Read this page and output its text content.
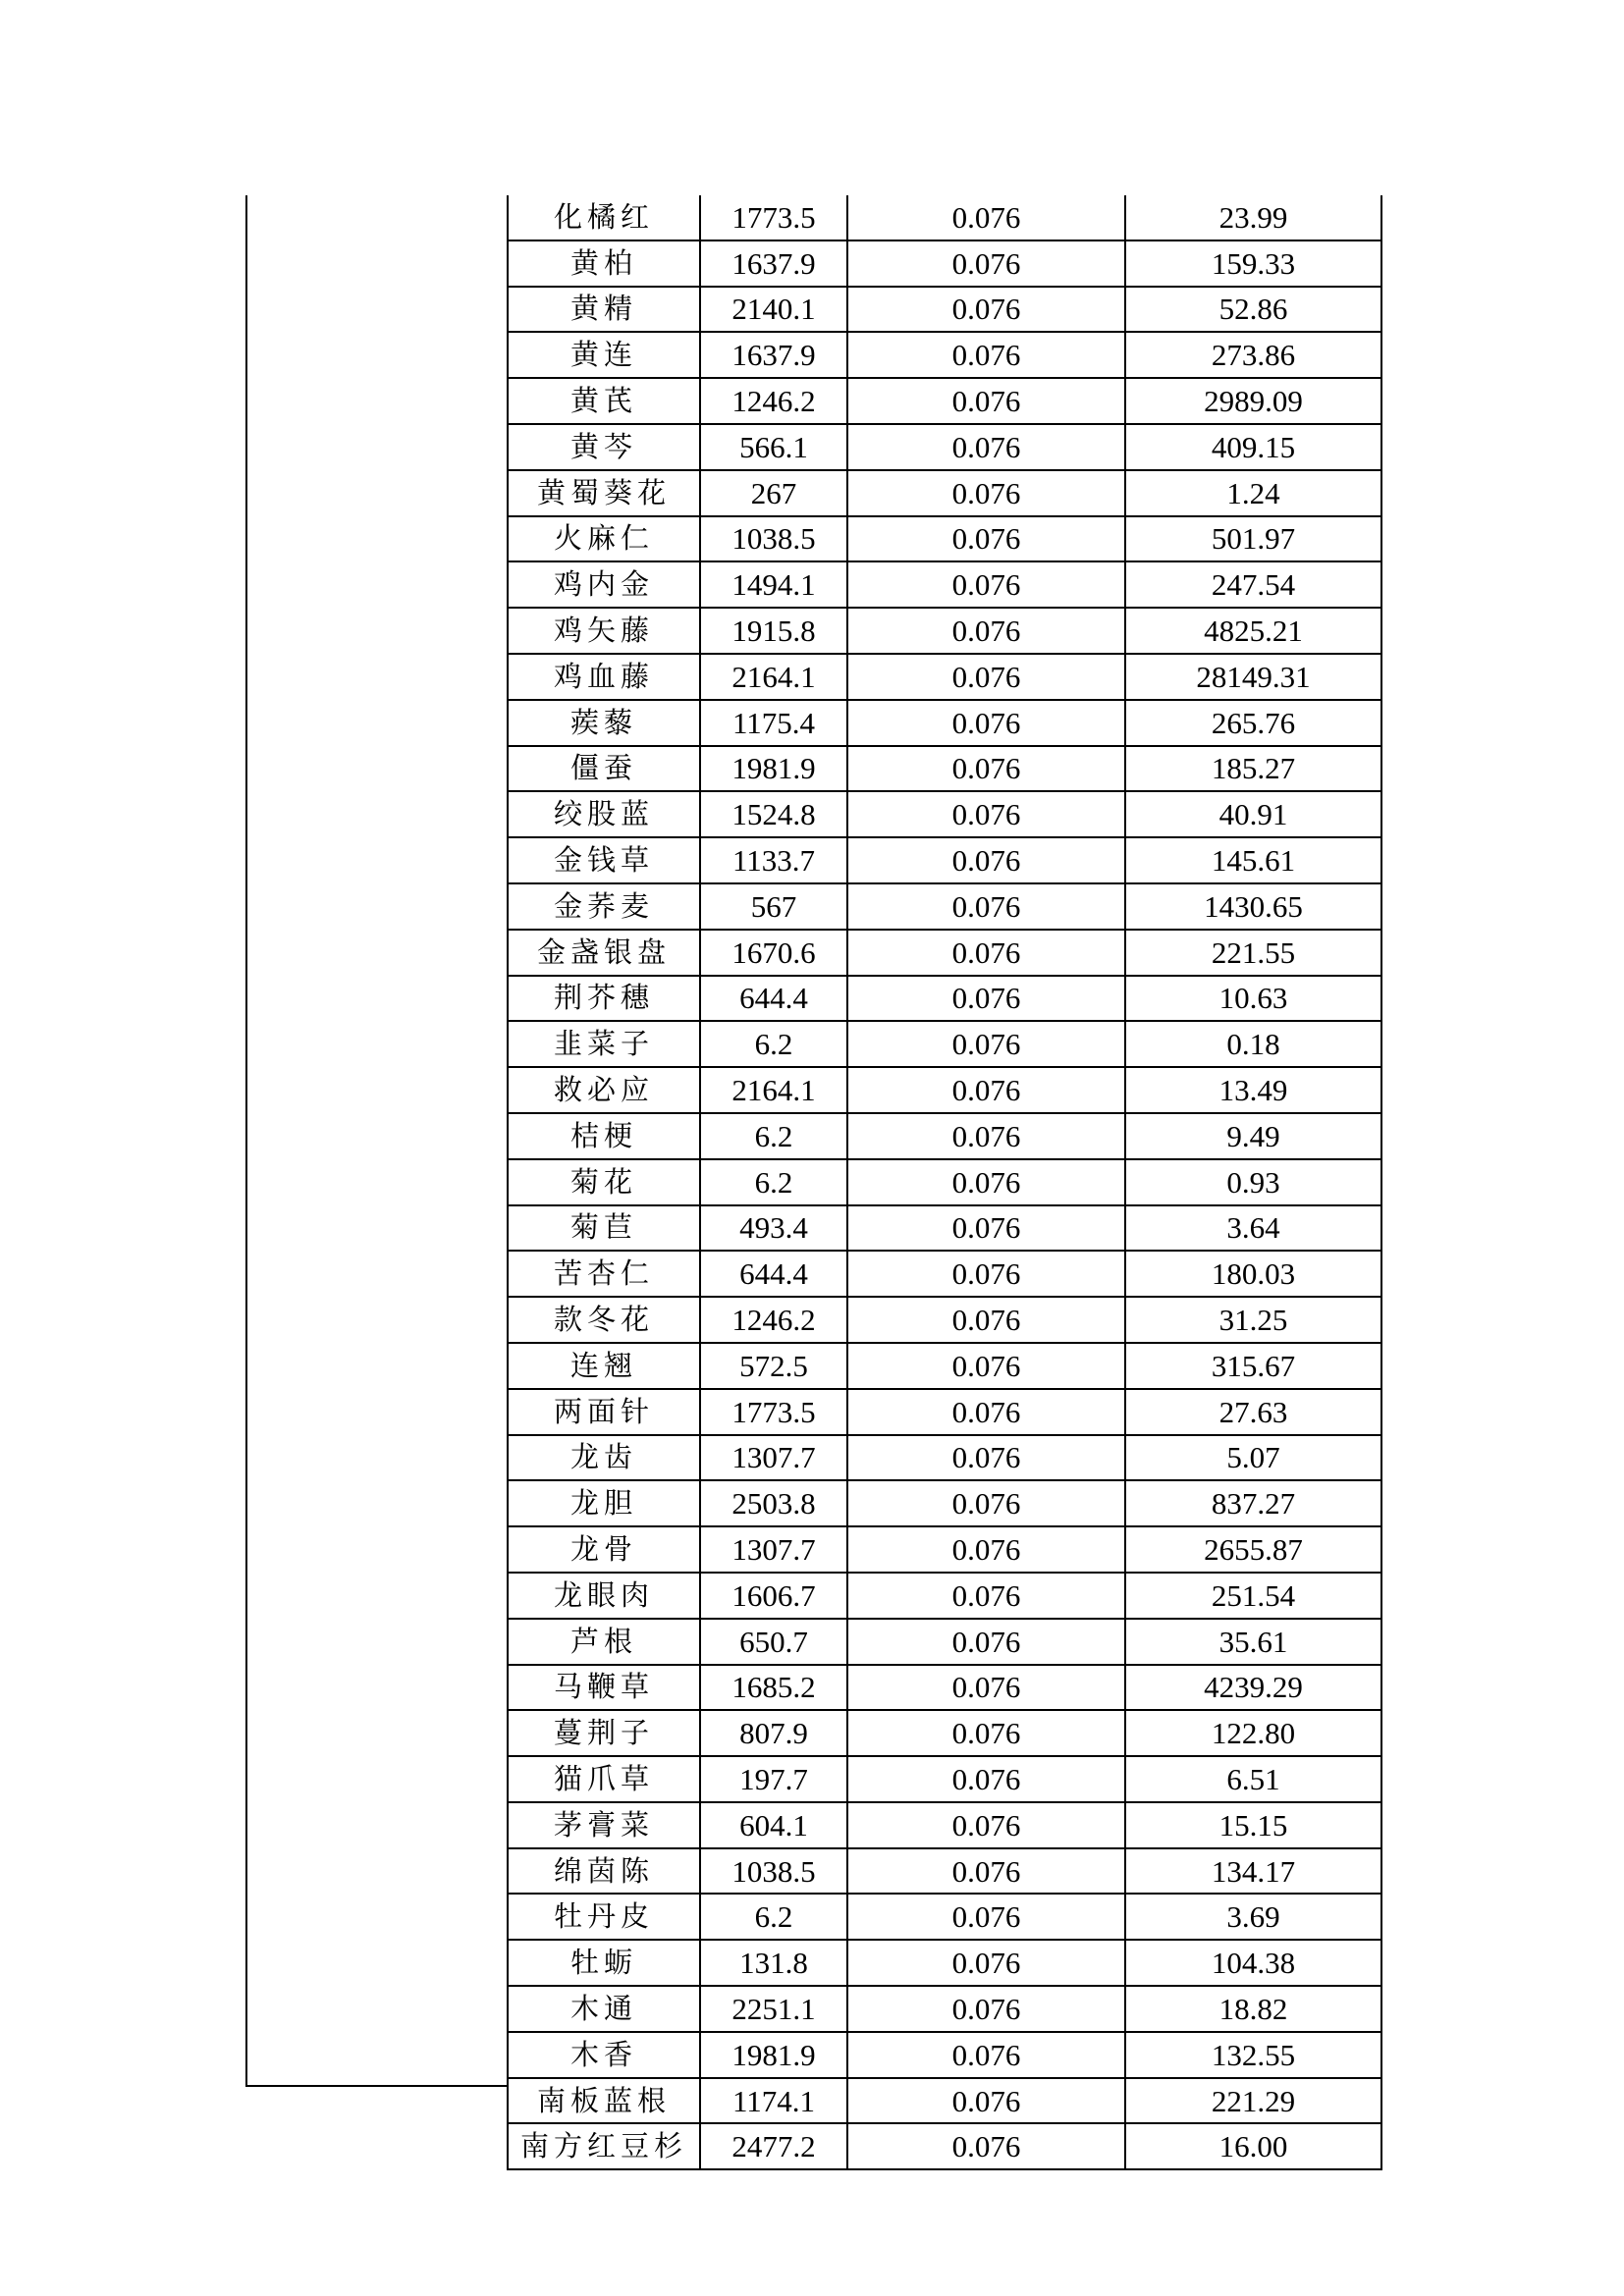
化橘红	1773.5	0.076	23.99
黄柏	1637.9	0.076	159.33
黄精	2140.1	0.076	52.86
黄连	1637.9	0.076	273.86
黄芪	1246.2	0.076	2989.09
黄芩	566.1	0.076	409.15
黄蜀葵花	267	0.076	1.24
火麻仁	1038.5	0.076	501.97
鸡内金	1494.1	0.076	247.54
鸡矢藤	1915.8	0.076	4825.21
鸡血藤	2164.1	0.076	28149.31
蒺藜	1175.4	0.076	265.76
僵蚕	1981.9	0.076	185.27
绞股蓝	1524.8	0.076	40.91
金钱草	1133.7	0.076	145.61
金荞麦	567	0.076	1430.65
金盏银盘	1670.6	0.076	221.55
荆芥穗	644.4	0.076	10.63
韭菜子	6.2	0.076	0.18
救必应	2164.1	0.076	13.49
桔梗	6.2	0.076	9.49
菊花	6.2	0.076	0.93
菊苣	493.4	0.076	3.64
苦杏仁	644.4	0.076	180.03
款冬花	1246.2	0.076	31.25
连翘	572.5	0.076	315.67
两面针	1773.5	0.076	27.63
龙齿	1307.7	0.076	5.07
龙胆	2503.8	0.076	837.27
龙骨	1307.7	0.076	2655.87
龙眼肉	1606.7	0.076	251.54
芦根	650.7	0.076	35.61
马鞭草	1685.2	0.076	4239.29
蔓荆子	807.9	0.076	122.80
猫爪草	197.7	0.076	6.51
茅膏菜	604.1	0.076	15.15
绵茵陈	1038.5	0.076	134.17
牡丹皮	6.2	0.076	3.69
牡蛎	131.8	0.076	104.38
木通	2251.1	0.076	18.82
木香	1981.9	0.076	132.55
南板蓝根	1174.1	0.076	221.29
南方红豆杉	2477.2	0.076	16.00
